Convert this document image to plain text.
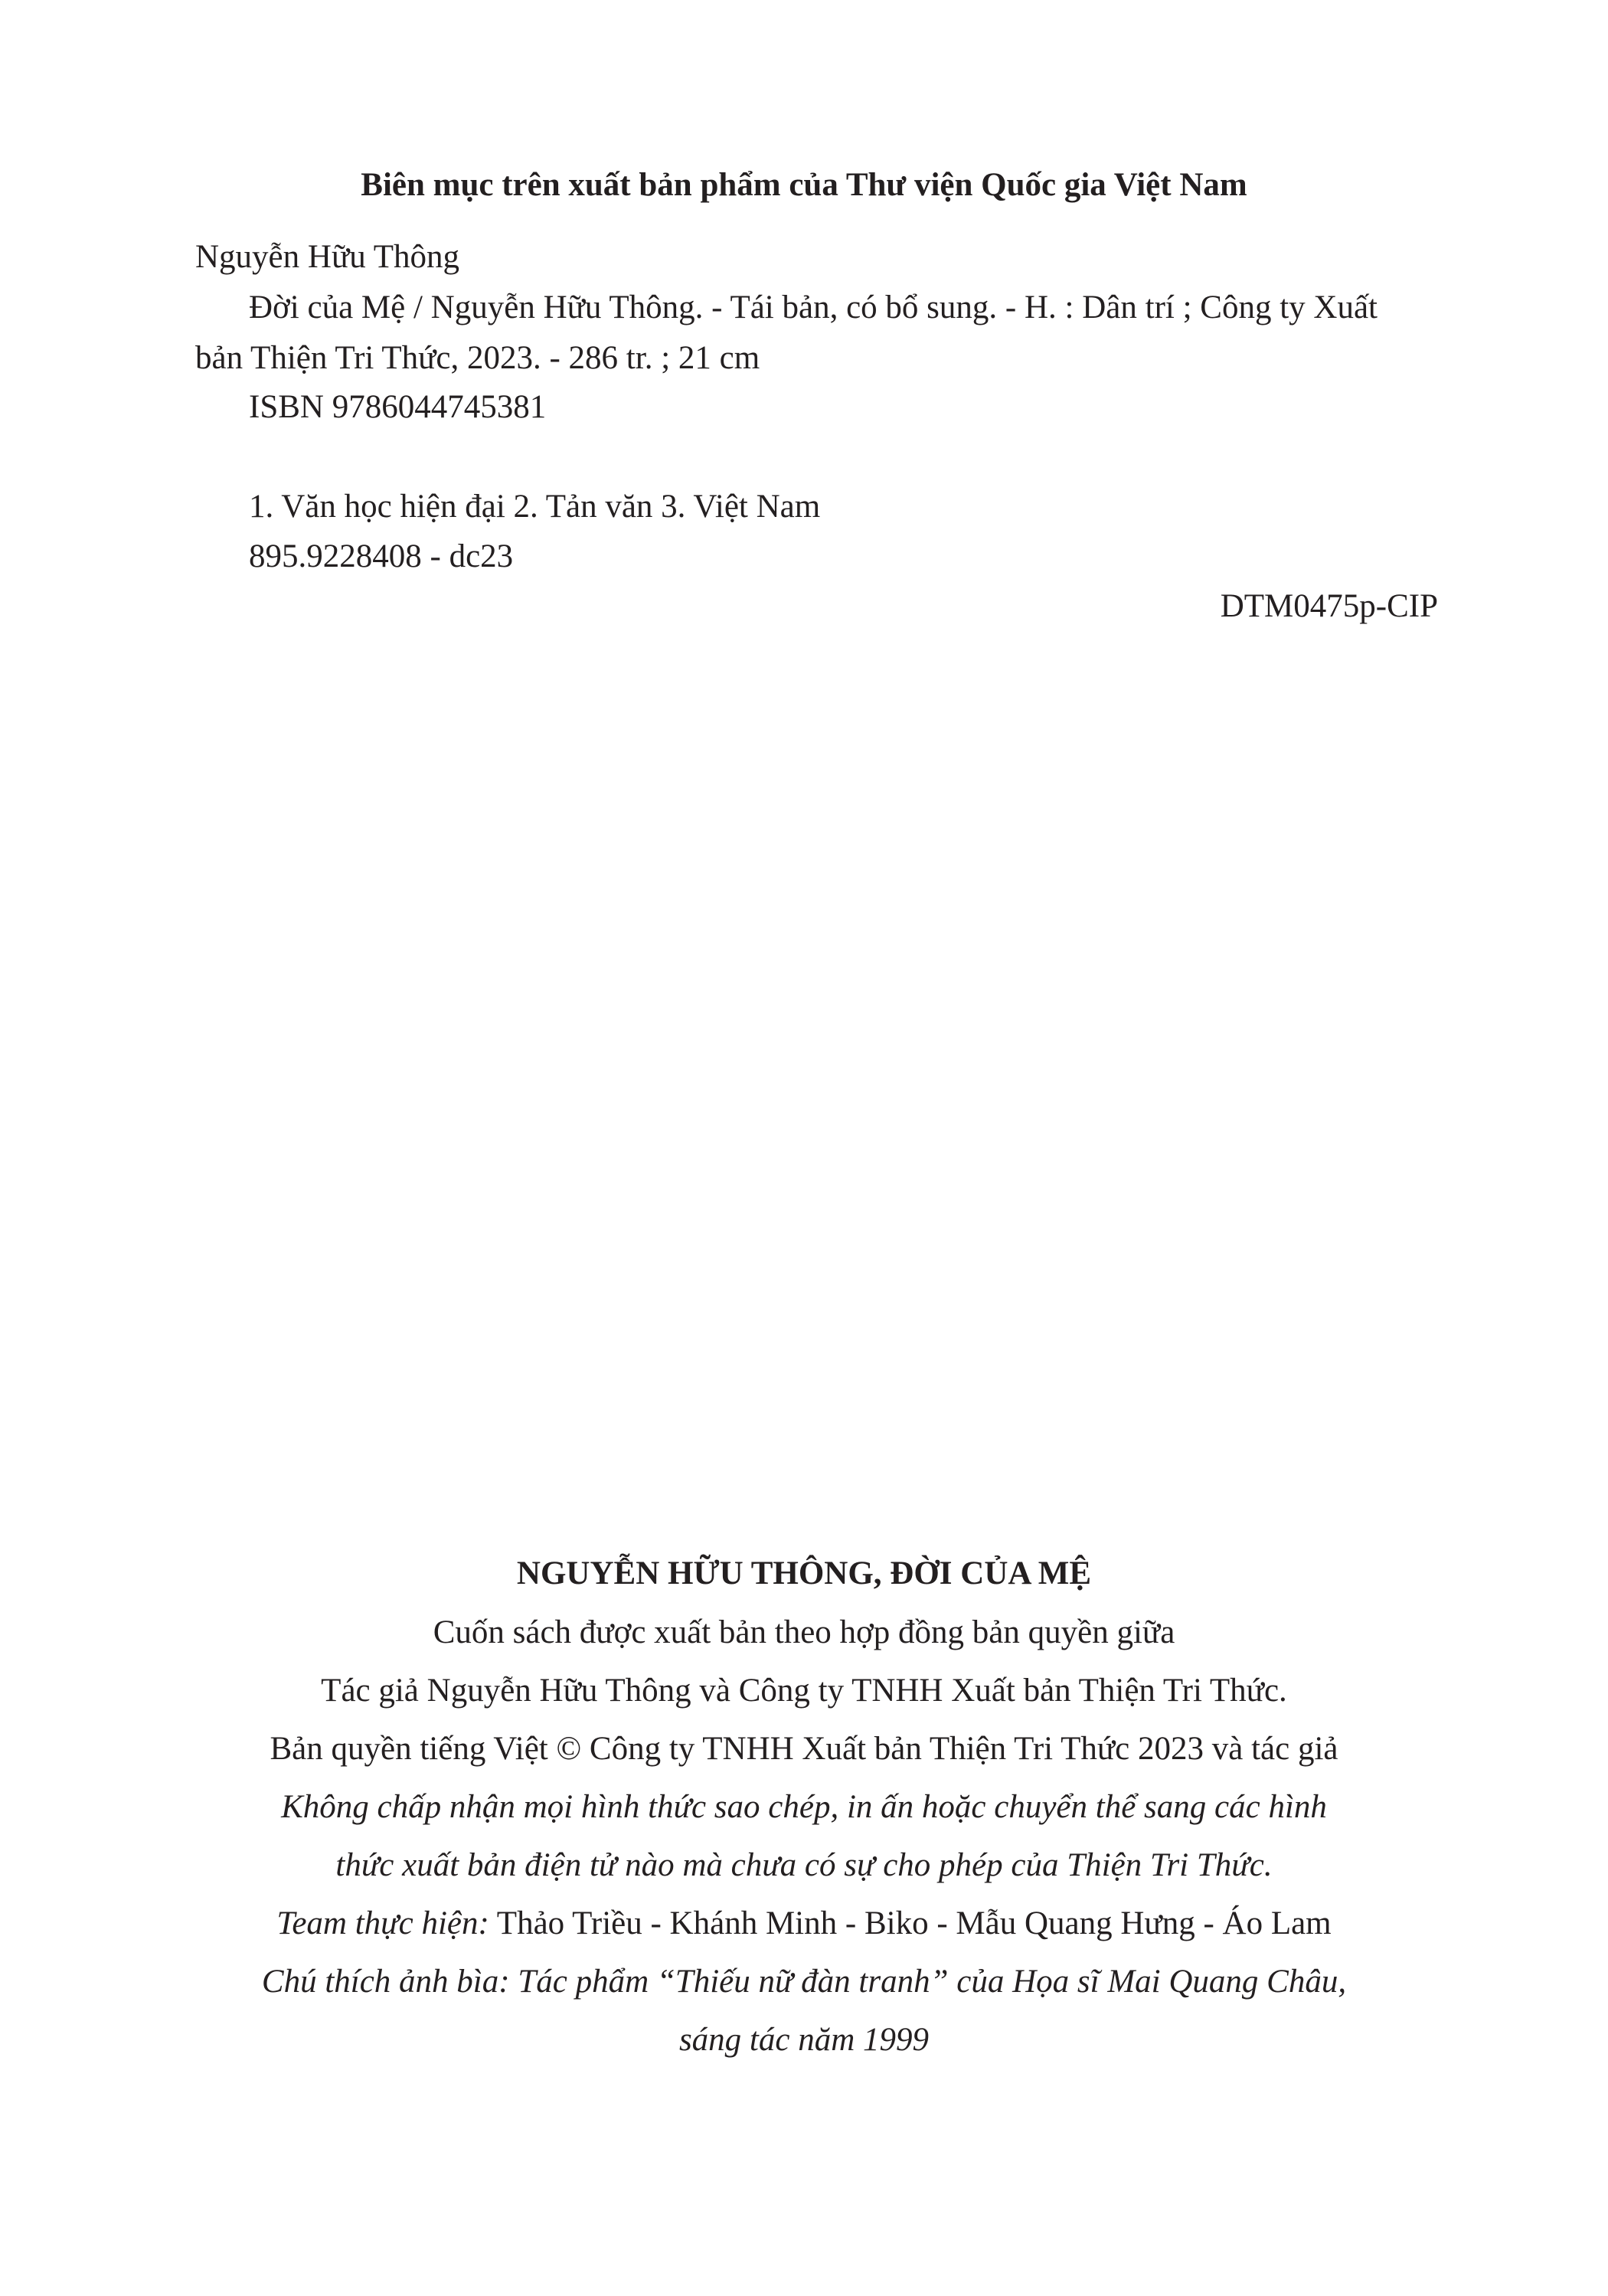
Biên mục trên xuất bản phẩm của Thư viện Quốc gia Việt Nam
Nguyễn Hữu Thông
Đời của Mệ / Nguyễn Hữu Thông. - Tái bản, có bổ sung. - H. : Dân trí ; Công ty Xuất
bản Thiện Tri Thức, 2023. - 286 tr. ; 21 cm
ISBN 9786044745381
1. Văn học hiện đại 2. Tản văn 3. Việt Nam
895.9228408 - dc23
DTM0475p-CIP
NGUYỄN HỮU THÔNG, ĐỜI CỦA MỆ
Cuốn sách được xuất bản theo hợp đồng bản quyền giữa
Tác giả Nguyễn Hữu Thông và Công ty TNHH Xuất bản Thiện Tri Thức.
Bản quyền tiếng Việt © Công ty TNHH Xuất bản Thiện Tri Thức 2023 và tác giả
Không chấp nhận mọi hình thức sao chép, in ấn hoặc chuyển thể sang các hình
thức xuất bản điện tử nào mà chưa có sự cho phép của Thiện Tri Thức.
Team thực hiện: Thảo Triều - Khánh Minh - Biko - Mẫu Quang Hưng - Áo Lam
Chú thích ảnh bìa: Tác phẩm “Thiếu nữ đàn tranh” của Họa sĩ Mai Quang Châu,
sáng tác năm 1999
